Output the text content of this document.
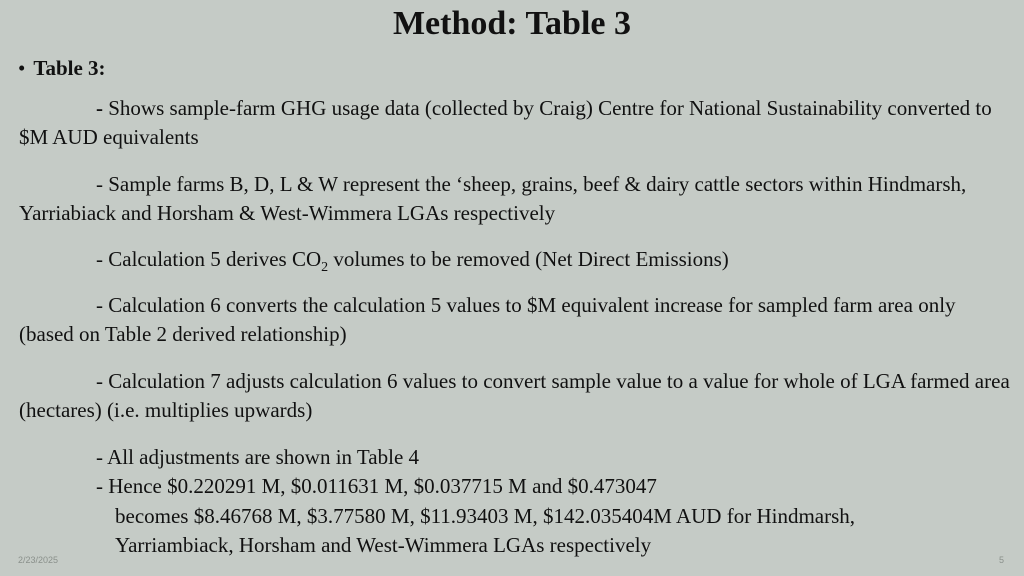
Method: Table 3
• Table 3:
- Shows sample-farm GHG usage data (collected by Craig) Centre for National Sustainability converted to $M AUD equivalents
- Sample farms B, D, L & W represent the ‘sheep, grains, beef & dairy cattle sectors within Hindmarsh, Yarriabiack and Horsham & West-Wimmera LGAs respectively
- Calculation 5 derives $CO_2$ volumes to be removed (Net Direct Emissions)
- Calculation 6 converts the calculation 5 values to $M equivalent increase for sampled farm area only (based on Table 2 derived relationship)
- Calculation 7 adjusts calculation 6 values to convert sample value to a value for whole of LGA farmed area (hectares) (i.e. multiplies upwards)
- All adjustments are shown in Table 4
- Hence $0.220291 M, $0.011631 M, $0.037715 M and $0.473047
becomes $8.46768 M, $3.77580 M, $11.93403 M, $142.035404M AUD for Hindmarsh,
Yarriambiack, Horsham and West-Wimmera LGAs respectively
2/23/2025	5
